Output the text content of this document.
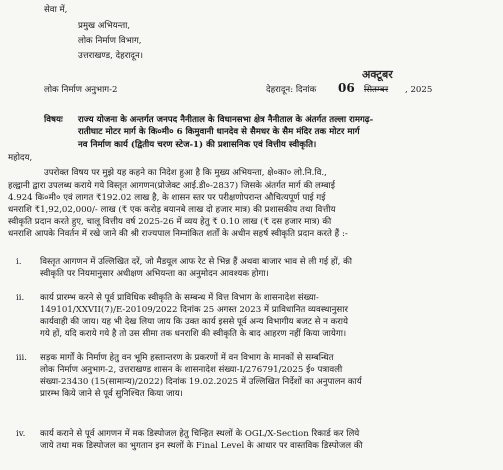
सेवा में,
प्रमुख अभियन्ता,
लोक निर्माण विभाग,
उत्तराखण्ड, देहरादून।
लोक निर्माण अनुभाग-2	देहरादून: दिनांक 06
अक्टूबर
सितम्बर , 2025
विषयः राज्य योजना के अन्तर्गत जनपद नैनीताल के विधानसभा क्षेत्र नैनीताल के अंतर्गत तल्ला रामगढ़-
रातीघाट मोटर मार्ग के कि०मी० 6 किमुवानी धानदेव से सैमधर के सैम मंदिर तक मोटर मार्ग
नव निर्माण कार्य (द्वितीय चरण स्टेज-1) की प्रशासनिक एवं वित्तीय स्वीकृति।
महोदय,
उपरोक्त विषय पर मुझे यह कहने का निदेश हुआ है कि मुख्य अभियन्ता, क्षे०का० लो.नि.वि.,
हल्द्वानी द्वारा उपलब्ध कराये गये विस्तृत आगणन(प्रोजेक्ट आई.डी०-2837) जिसके अंतर्गत मार्ग की लम्बाई
4.924 कि०मी० एवं लागत ₹192.02 लाख है, के शासन स्तर पर परीक्षणोपरान्त औचित्यपूर्ण पाई गई
धनराशि ₹1,92,02,000/- लाख (₹ एक करोड़ बयानबे लाख दो हजार मात्र) की प्रशासकीय तथा वित्तीय
स्वीकृति प्रदान करते हुए, चालू वित्तीय वर्ष 2025-26 में व्यय हेतु ₹ 0.10 लाख (₹ दस हजार मात्र) की
धनराशि आपके निवर्तन में रखे जाने की श्री राज्यपाल निम्नांकित शर्तों के अधीन सहर्ष स्वीकृति प्रदान करते हैं :-
i. विस्तृत आगणन में उल्लिखित दरें, जो मैडयूल आफ रेट से भिन्न हैं अथवा बाजार भाव से ली गई हों, की
स्वीकृति पर नियमानुसार अधीक्षण अभियन्ता का अनुमोदन आवश्यक होगा।
ii. कार्य प्रारम्भ करने से पूर्व प्राविधिक स्वीकृति के सम्बन्ध में वित्त विभाग के शासनादेश संख्या-
149101/XXVII(7)/E-20109/2022 दिनांक 25 अगस्त 2023 में प्राविधानित व्यवस्थानुसार
कार्यवाही की जाय। यह भी देख लिया जाय कि उक्त कार्य इससे पूर्व अन्य विभागीय बजट से न कराये
गये हों, यदि कराये गये है तो उस सीमा तक धनराशि की स्वीकृति के बाद आहरण नहीं किया जायेगा।
iii. सड़क मार्गों के निर्माण हेतु वन भूमि हस्तान्तरण के प्रकरणों में वन विभाग के मानकों से सम्बन्धित
लोक निर्माण अनुभाग-2, उत्तराखण्ड शासन के शासनादेश संख्या-I/276791/2025 ई० पत्रावली
संख्या-23430 (15(सामान्य)/2022) दिनांक 19.02.2025 में उल्लिखित निर्देशों का अनुपालन कार्य
प्रारम्भ किये जाने से पूर्व सुनिश्चित किया जाय।
iv. कार्य कराने से पूर्व आगणन में मक डिस्पोजल हेतु चिन्हित स्थलों के OGL/X-Section रिकार्ड कर लिये
जाये तथा मक डिस्पोजल का भुगतान इन स्थलों के Final Level के आधार पर वास्तविक डिस्पोजल की
